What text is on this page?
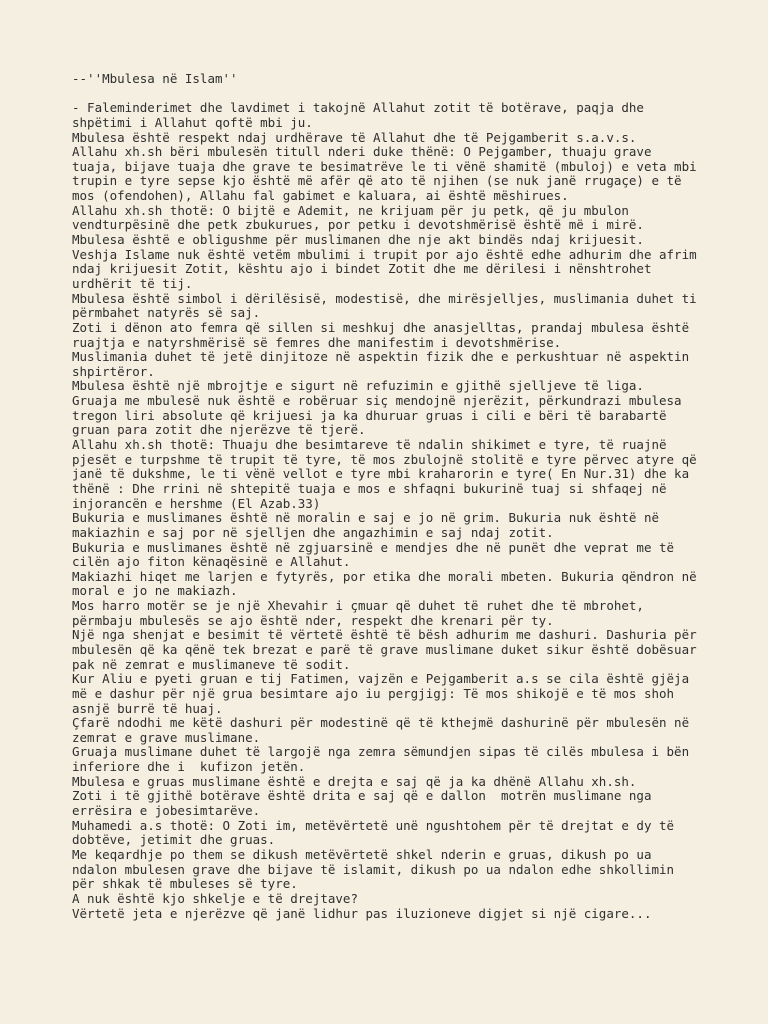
--''Mbulesa në Islam''
- Faleminderimet dhe lavdimet i takojnë Allahut zotit të botërave, paqja dhe
shpëtimi i Allahut qoftë mbi ju.
Mbulesa është respekt ndaj urdhërave të Allahut dhe të Pejgamberit s.a.v.s.
Allahu xh.sh bëri mbulesën titull nderi duke thënë: O Pejgamber, thuaju grave
tuaja, bijave tuaja dhe grave te besimatrëve le ti vënë shamitë (mbuloj) e veta mbi
trupin e tyre sepse kjo është më afër që ato të njihen (se nuk janë rrugaçe) e të
mos (ofendohen), Allahu fal gabimet e kaluara, ai është mëshirues.
Allahu xh.sh thotë: O bijtë e Ademit, ne krijuam për ju petk, që ju mbulon
vendturpësinë dhe petk zbukurues, por petku i devotshmërisë është më i mirë.
Mbulesa është e obligushme për muslimanen dhe nje akt bindës ndaj krijuesit.
Veshja Islame nuk është vetëm mbulimi i trupit por ajo është edhe adhurim dhe afrim
ndaj krijuesit Zotit, kështu ajo i bindet Zotit dhe me dërilesi i nënshtrohet
urdhërit të tij.
Mbulesa është simbol i dërilësisë, modestisë, dhe mirësjelljes, muslimania duhet ti
përmbahet natyrës së saj.
Zoti i dënon ato femra që sillen si meshkuj dhe anasjelltas, prandaj mbulesa është
ruajtja e natyrshmërisë së femres dhe manifestim i devotshmërise.
Muslimania duhet të jetë dinjitoze në aspektin fizik dhe e perkushtuar në aspektin
shpirtëror.
Mbulesa është një mbrojtje e sigurt në refuzimin e gjithë sjelljeve të liga.
Gruaja me mbulesë nuk është e robëruar siç mendojnë njerëzit, përkundrazi mbulesa
tregon liri absolute që krijuesi ja ka dhuruar gruas i cili e bëri të barabartë
gruan para zotit dhe njerëzve të tjerë.
Allahu xh.sh thotë: Thuaju dhe besimtareve të ndalin shikimet e tyre, të ruajnë
pjesët e turpshme të trupit të tyre, të mos zbulojnë stolitë e tyre përvec atyre që
janë të dukshme, le ti vënë vellot e tyre mbi kraharorin e tyre( En Nur.31) dhe ka
thënë : Dhe rrini në shtepitë tuaja e mos e shfaqni bukurinë tuaj si shfaqej në
injorancën e hershme (El Azab.33)
Bukuria e muslimanes është në moralin e saj e jo në grim. Bukuria nuk është në
makiazhin e saj por në sjelljen dhe angazhimin e saj ndaj zotit.
Bukuria e muslimanes është në zgjuarsinë e mendjes dhe në punët dhe veprat me të
cilën ajo fiton kënaqësinë e Allahut.
Makiazhi hiqet me larjen e fytyrës, por etika dhe morali mbeten. Bukuria qëndron në
moral e jo ne makiazh.
Mos harro motër se je një Xhevahir i çmuar që duhet të ruhet dhe të mbrohet,
përmbaju mbulesës se ajo është nder, respekt dhe krenari për ty.
Një nga shenjat e besimit të vërtetë është të bësh adhurim me dashuri. Dashuria për
mbulesën që ka qënë tek brezat e parë të grave muslimane duket sikur është dobësuar
pak në zemrat e muslimaneve të sodit.
Kur Aliu e pyeti gruan e tij Fatimen, vajzën e Pejgamberit a.s se cila është gjëja
më e dashur për një grua besimtare ajo iu pergjigj: Të mos shikojë e të mos shoh
asnjë burrë të huaj.
Çfarë ndodhi me këtë dashuri për modestinë që të kthejmë dashurinë për mbulesën në
zemrat e grave muslimane.
Gruaja muslimane duhet të largojë nga zemra sëmundjen sipas të cilës mbulesa i bën
inferiore dhe i  kufizon jetën.
Mbulesa e gruas muslimane është e drejta e saj që ja ka dhënë Allahu xh.sh.
Zoti i të gjithë botërave është drita e saj që e dallon  motrën muslimane nga
errësira e jobesimtarëve.
Muhamedi a.s thotë: O Zoti im, metëvërtetë unë ngushtohem për të drejtat e dy të
dobtëve, jetimit dhe gruas.
Me keqardhje po them se dikush metëvërtetë shkel nderin e gruas, dikush po ua
ndalon mbulesen grave dhe bijave të islamit, dikush po ua ndalon edhe shkollimin
për shkak të mbuleses së tyre.
A nuk është kjo shkelje e të drejtave?
Vërtetë jeta e njerëzve që janë lidhur pas iluzioneve digjet si një cigare...
